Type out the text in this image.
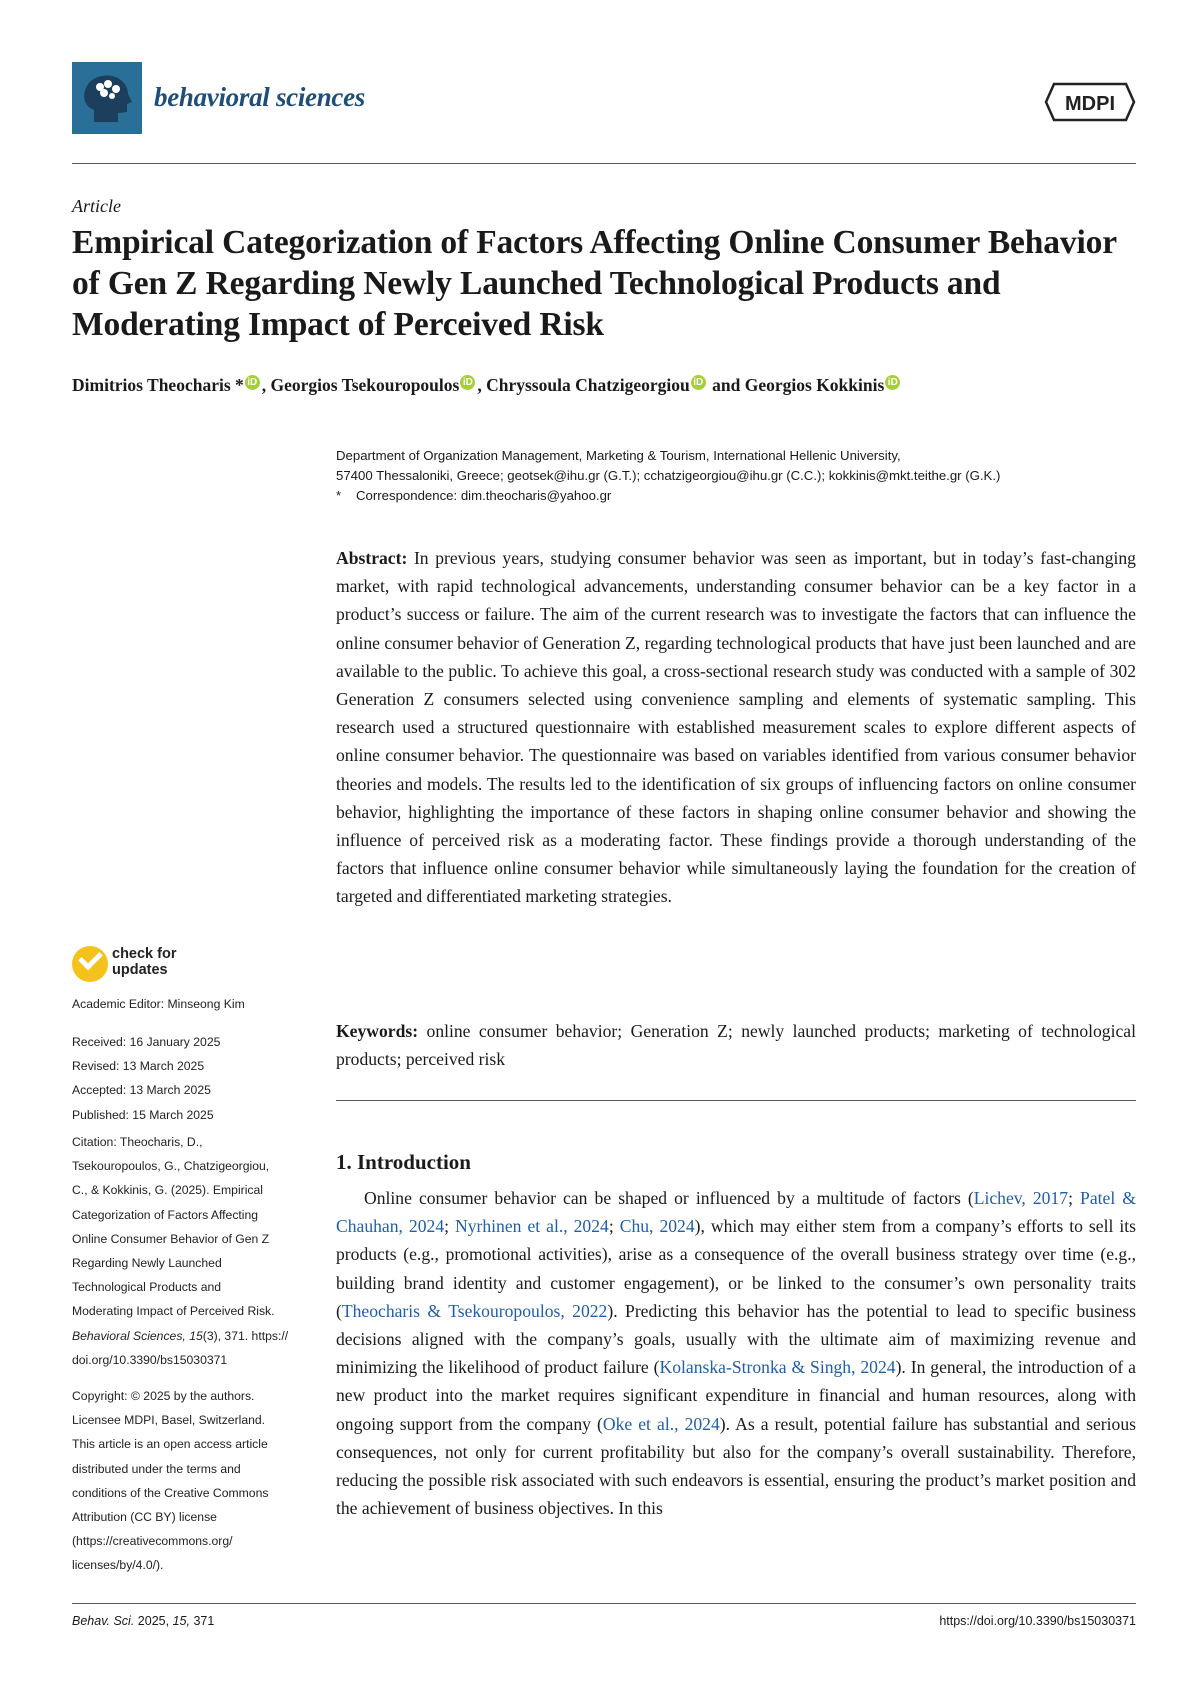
behavioral sciences	MDPI
Article
Empirical Categorization of Factors Affecting Online Consumer Behavior of Gen Z Regarding Newly Launched Technological Products and Moderating Impact of Perceived Risk
Dimitrios Theocharis * iD , Georgios Tsekouropoulos iD , Chryssoula Chatzigeorgiou iD and Georgios Kokkinis iD
Department of Organization Management, Marketing & Tourism, International Hellenic University,
57400 Thessaloniki, Greece; geotsek@ihu.gr (G.T.); cchatzigeorgiou@ihu.gr (C.C.); kokkinis@mkt.teithe.gr (G.K.)
* Correspondence: dim.theocharis@yahoo.gr

Abstract: In previous years, studying consumer behavior was seen as important, but in today’s fast-changing market, with rapid technological advancements, understanding consumer behavior can be a key factor in a product’s success or failure. The aim of the current research was to investigate the factors that can influence the online consumer behavior of Generation Z, regarding technological products that have just been launched and are available to the public. To achieve this goal, a cross-sectional research study was conducted with a sample of 302 Generation Z consumers selected using convenience sampling and elements of systematic sampling. This research used a structured questionnaire with established measurement scales to explore different aspects of online consumer behavior. The questionnaire was based on variables identified from various consumer behavior theories and models. The results led to the identification of six groups of influencing factors on online consumer behavior, highlighting the importance of these factors in shaping online consumer behavior and showing the influence of perceived risk as a moderating factor. These findings provide a thorough understanding of the factors that influence online consumer behavior while simultaneously laying the foundation for the creation of targeted and differentiated marketing strategies.

Keywords: online consumer behavior; Generation Z; newly launched products; marketing of technological products; perceived risk

1. Introduction

Online consumer behavior can be shaped or influenced by a multitude of factors (Lichev, 2017; Patel & Chauhan, 2024; Nyrhinen et al., 2024; Chu, 2024), which may either stem from a company’s efforts to sell its products (e.g., promotional activities), arise as a consequence of the overall business strategy over time (e.g., building brand identity and customer engagement), or be linked to the consumer’s own personality traits (Theocharis & Tsekouropoulos, 2022). Predicting this behavior has the potential to lead to specific business decisions aligned with the company’s goals, usually with the ultimate aim of maximizing revenue and minimizing the likelihood of product failure (Kolanska-Stronka & Singh, 2024). In general, the introduction of a new product into the market requires significant expenditure in financial and human resources, along with ongoing support from the company (Oke et al., 2024). As a result, potential failure has substantial and serious consequences, not only for current profitability but also for the company’s overall sustainability. Therefore, reducing the possible risk associated with such endeavors is essential, ensuring the product’s market position and the achievement of business objectives. In this

check for
updates
Academic Editor: Minseong Kim
Received: 16 January 2025
Revised: 13 March 2025
Accepted: 13 March 2025
Published: 15 March 2025
Citation: Theocharis, D.,
Tsekouropoulos, G., Chatzigeorgiou,
C., & Kokkinis, G. (2025). Empirical
Categorization of Factors Affecting
Online Consumer Behavior of Gen Z
Regarding Newly Launched
Technological Products and
Moderating Impact of Perceived Risk.
Behavioral Sciences, 15(3), 371. https://
doi.org/10.3390/bs15030371
Copyright: © 2025 by the authors.
Licensee MDPI, Basel, Switzerland.
This article is an open access article
distributed under the terms and
conditions of the Creative Commons
Attribution (CC BY) license
(https://creativecommons.org/
licenses/by/4.0/).
Behav. Sci. 2025, 15, 371	https://doi.org/10.3390/bs15030371
